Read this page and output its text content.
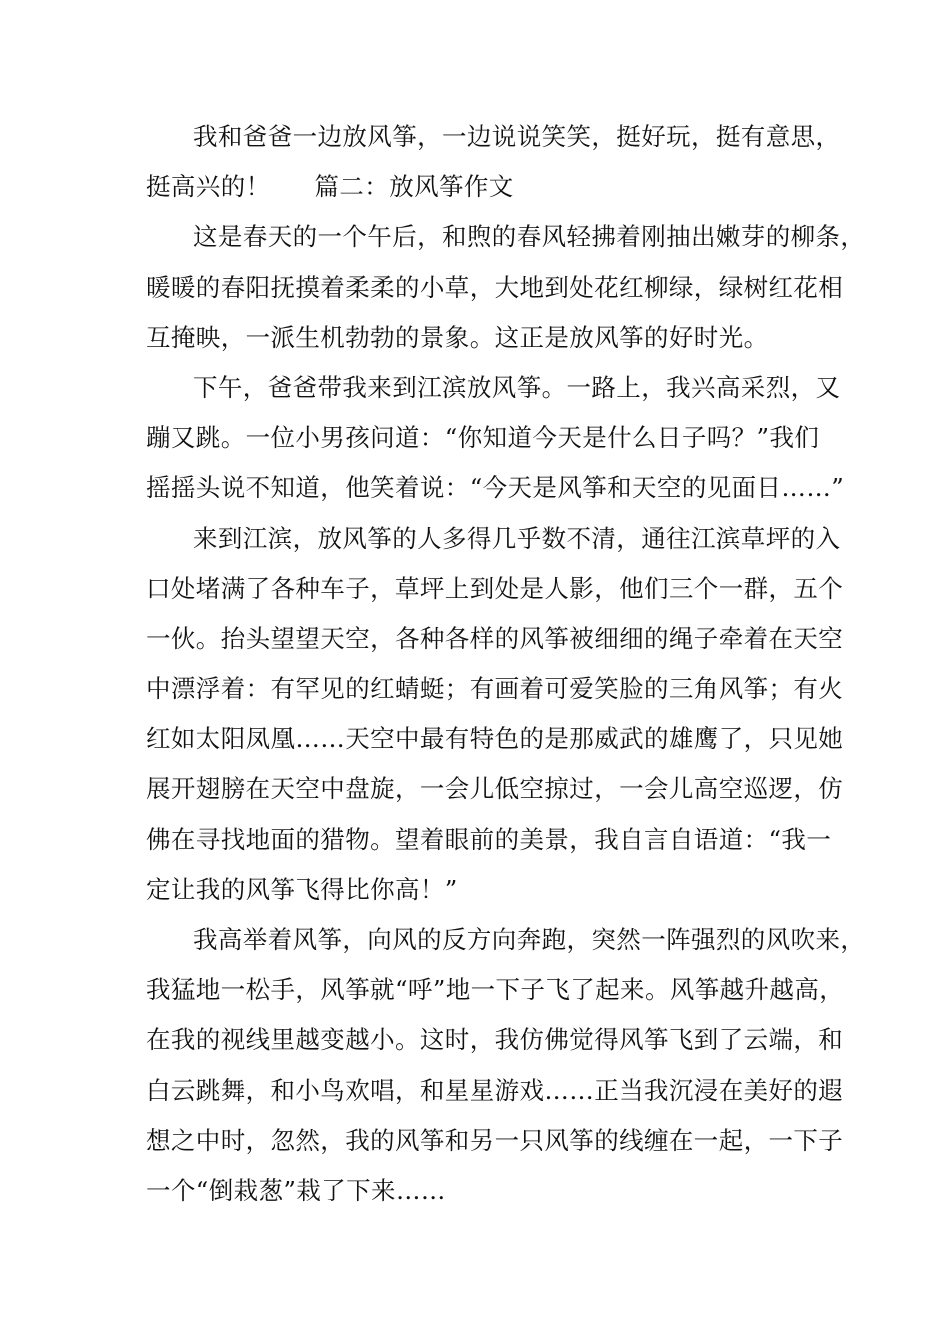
我和爸爸一边放风筝，一边说说笑笑，挺好玩，挺有意思，
挺高兴的！ 篇二：放风筝作文
这是春天的一个午后，和煦的春风轻拂着刚抽出嫩芽的柳条，
暖暖的春阳抚摸着柔柔的小草，大地到处花红柳绿，绿树红花相
互掩映，一派生机勃勃的景象。这正是放风筝的好时光。
下午，爸爸带我来到江滨放风筝。一路上，我兴高采烈，又
蹦又跳。一位小男孩问道：“你知道今天是什么日子吗？”我们
摇摇头说不知道，他笑着说：“今天是风筝和天空的见面日……”
来到江滨，放风筝的人多得几乎数不清，通往江滨草坪的入
口处堵满了各种车子，草坪上到处是人影，他们三个一群，五个
一伙。抬头望望天空，各种各样的风筝被细细的绳子牵着在天空
中漂浮着：有罕见的红蜻蜓；有画着可爱笑脸的三角风筝；有火
红如太阳凤凰……天空中最有特色的是那威武的雄鹰了，只见她
展开翅膀在天空中盘旋，一会儿低空掠过，一会儿高空巡逻，仿
佛在寻找地面的猎物。望着眼前的美景，我自言自语道：“我一
定让我的风筝飞得比你高！”
我高举着风筝，向风的反方向奔跑，突然一阵强烈的风吹来，
我猛地一松手，风筝就“呼”地一下子飞了起来。风筝越升越高，
在我的视线里越变越小。这时，我仿佛觉得风筝飞到了云端，和
白云跳舞，和小鸟欢唱，和星星游戏……正当我沉浸在美好的遐
想之中时，忽然，我的风筝和另一只风筝的线缠在一起，一下子
一个“倒栽葱”栽了下来……
